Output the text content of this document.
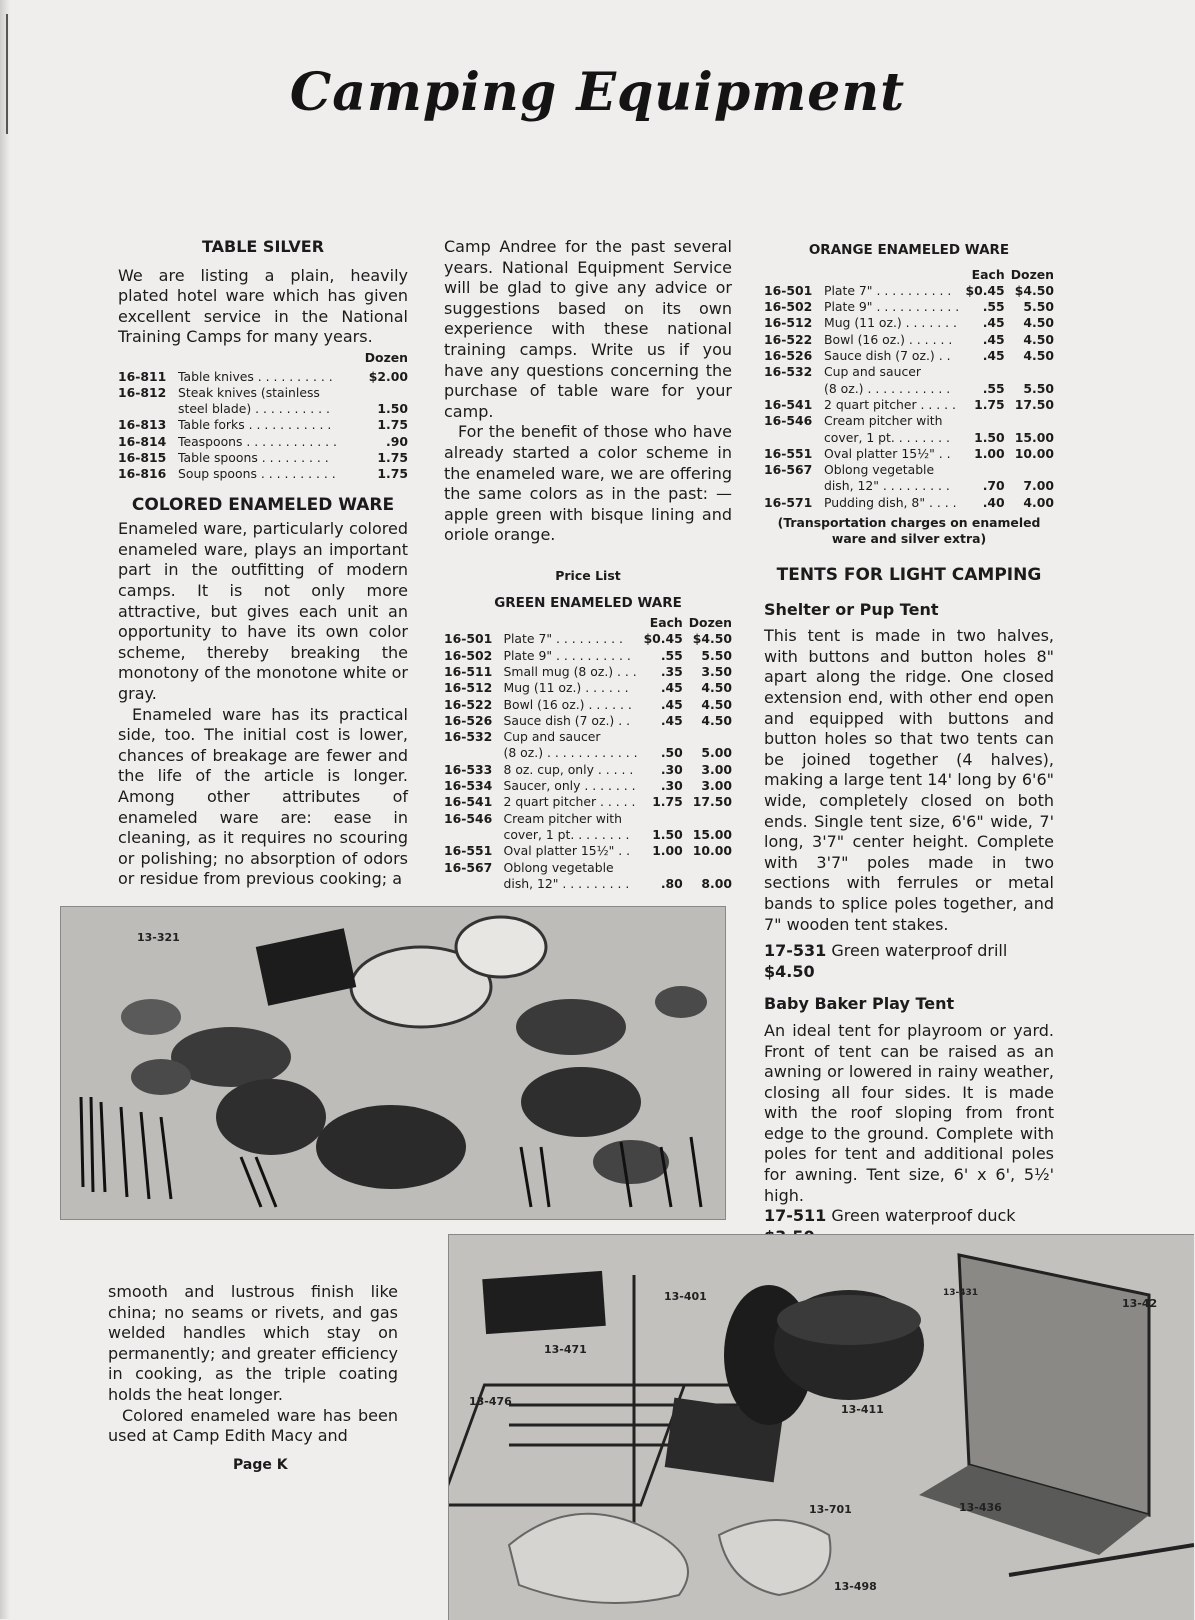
Camping Equipment
TABLE SILVER

We are listing a plain, heavily plated hotel ware which has given excellent service in the National Training Camps for many years.

Dozen
16-811	Table knives . . . . . . . . . .	$2.00
16-812	Steak knives (stainless	
	steel blade) . . . . . . . . . .	1.50
16-813	Table forks . . . . . . . . . . .	1.75
16-814	Teaspoons . . . . . . . . . . . .	.90
16-815	Table spoons . . . . . . . . .	1.75
16-816	Soup spoons . . . . . . . . . .	1.75
COLORED ENAMELED WARE

Enameled ware, particularly colored enameled ware, plays an important part in the outfitting of modern camps. It is not only more attractive, but gives each unit an opportunity to have its own color scheme, thereby breaking the monotony of the monotone white or gray.

Enameled ware has its practical side, too. The initial cost is lower, chances of breakage are fewer and the life of the article is longer. Among other attributes of enameled ware are: ease in cleaning, as it requires no scouring or polishing; no absorption of odors or residue from previous cooking; a

Camp Andree for the past several years. National Equipment Service will be glad to give any advice or suggestions based on its own experience with these national training camps. Write us if you have any questions concerning the purchase of table ware for your camp.

For the benefit of those who have already started a color scheme in the enameled ware, we are offering the same colors as in the past: —apple green with bisque lining and oriole orange.

Price List
GREEN ENAMELED WARE
		Each	Dozen
16-501	Plate 7" . . . . . . . . .	$0.45	$4.50
16-502	Plate 9" . . . . . . . . . .	.55	5.50
16-511	Small mug (8 oz.) . . .	.35	3.50
16-512	Mug (11 oz.) . . . . . .	.45	4.50
16-522	Bowl (16 oz.) . . . . . .	.45	4.50
16-526	Sauce dish (7 oz.) . .	.45	4.50
16-532	Cup and saucer		
	(8 oz.) . . . . . . . . . . . .	.50	5.00
16-533	8 oz. cup, only . . . . .	.30	3.00
16-534	Saucer, only . . . . . . .	.30	3.00
16-541	2 quart pitcher . . . . .	1.75	17.50
16-546	Cream pitcher with		
	cover, 1 pt. . . . . . . .	1.50	15.00
16-551	Oval platter 15½" . .	1.00	10.00
16-567	Oblong vegetable		
	dish, 12" . . . . . . . . .	.80	8.00
ORANGE ENAMELED WARE
		Each	Dozen
16-501	Plate 7" . . . . . . . . . .	$0.45	$4.50
16-502	Plate 9" . . . . . . . . . . .	.55	5.50
16-512	Mug (11 oz.) . . . . . . .	.45	4.50
16-522	Bowl (16 oz.) . . . . . .	.45	4.50
16-526	Sauce dish (7 oz.) . .	.45	4.50
16-532	Cup and saucer		
	(8 oz.) . . . . . . . . . . .	.55	5.50
16-541	2 quart pitcher . . . . .	1.75	17.50
16-546	Cream pitcher with		
	cover, 1 pt. . . . . . . .	1.50	15.00
16-551	Oval platter 15½" . .	1.00	10.00
16-567	Oblong vegetable		
	dish, 12" . . . . . . . . .	.70	7.00
16-571	Pudding dish, 8" . . . .	.40	4.00
(Transportation charges on enameled ware and silver extra)
TENTS FOR LIGHT CAMPING
Shelter or Pup Tent

This tent is made in two halves, with buttons and button holes 8" apart along the ridge. One closed extension end, with other end open and equipped with buttons and button holes so that two tents can be joined together (4 halves), making a large tent 14' long by 6'6" wide, completely closed on both ends. Single tent size, 6'6" wide, 7' long, 3'7" center height. Complete with 3'7" poles made in two sections with ferrules or metal bands to splice poles together, and 7" wooden tent stakes.

17-531 Green waterproof drill $4.50
Baby Baker Play Tent

An ideal tent for playroom or yard. Front of tent can be raised as an awning or lowered in rainy weather, closing all four sides. It is made with the roof sloping from front edge to the ground. Complete with poles for tent and additional poles for awning. Tent size, 6' x 6', 5½' high.

17-511 Green waterproof duck
13-321

smooth and lustrous finish like china; no seams or rivets, and gas welded handles which stay on permanently; and greater efficiency in cooking, as the triple coating holds the heat longer.

Colored enameled ware has been used at Camp Edith Macy and

Page K
13-401
13-471
13-476
13-411
13-431
13-42
13-701	13-436
13-498
